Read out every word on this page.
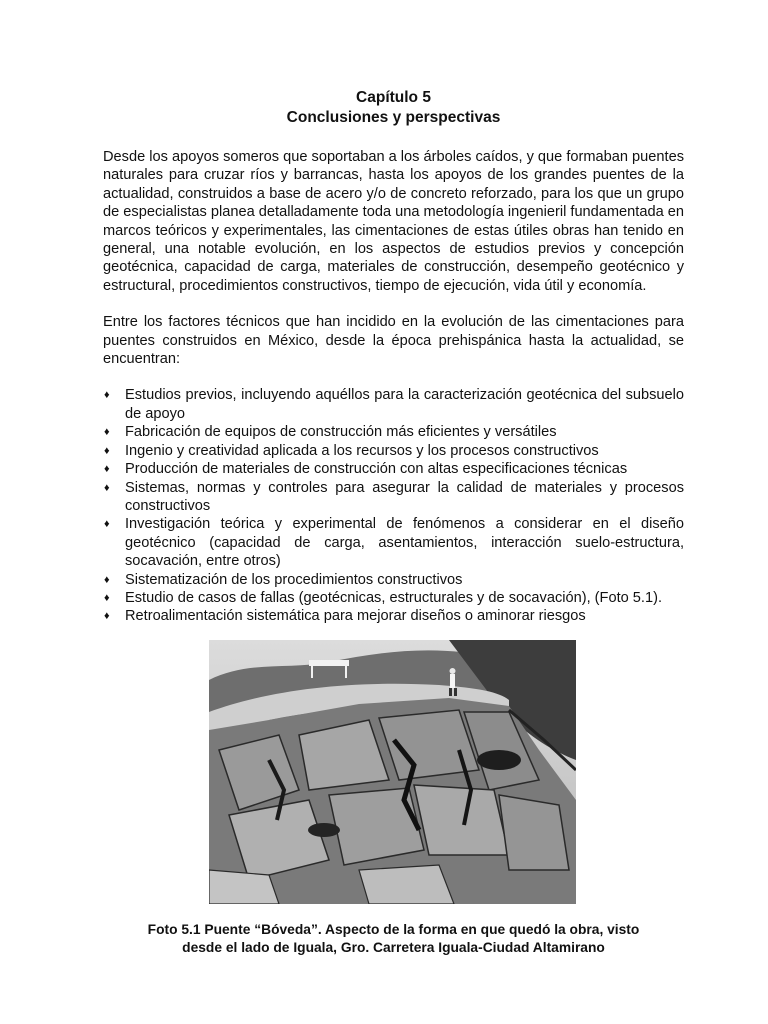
Capítulo 5
Conclusiones y perspectivas

Desde los apoyos someros que soportaban a los árboles caídos, y que formaban puentes naturales para cruzar ríos y barrancas, hasta los apoyos de los grandes puentes de la actualidad, construidos a base de acero y/o de concreto reforzado, para los que un grupo de especialistas planea detalladamente toda una metodología ingenieril fundamentada en marcos teóricos y experimentales, las cimentaciones de estas útiles obras han tenido en general, una notable evolución, en los aspectos de estudios previos y concepción geotécnica, capacidad de carga, materiales de construcción, desempeño geotécnico y estructural, procedimientos constructivos, tiempo de ejecución, vida útil y economía.

Entre los factores técnicos que han incidido en la evolución de las cimentaciones para puentes construidos en México, desde la época prehispánica hasta la actualidad, se encuentran:

♦ Estudios previos, incluyendo aquéllos para la caracterización geotécnica del subsuelo de apoyo
♦ Fabricación de equipos de construcción más eficientes y versátiles
♦ Ingenio y creatividad aplicada a los recursos y los procesos constructivos
♦ Producción de materiales de construcción con altas especificaciones técnicas
♦ Sistemas, normas y controles para asegurar la calidad de materiales y procesos constructivos
♦ Investigación teórica y experimental de fenómenos a considerar en el diseño geotécnico (capacidad de carga, asentamientos, interacción suelo-estructura, socavación, entre otros)
♦ Sistematización de los procedimientos constructivos
♦ Estudio de casos de fallas (geotécnicas, estructurales y de socavación), (Foto 5.1).
♦ Retroalimentación sistemática para mejorar diseños o aminorar riesgos
Foto 5.1 Puente “Bóveda”. Aspecto de la forma en que quedó la obra, visto
desde el lado de Iguala, Gro. Carretera Iguala-Ciudad Altamirano
